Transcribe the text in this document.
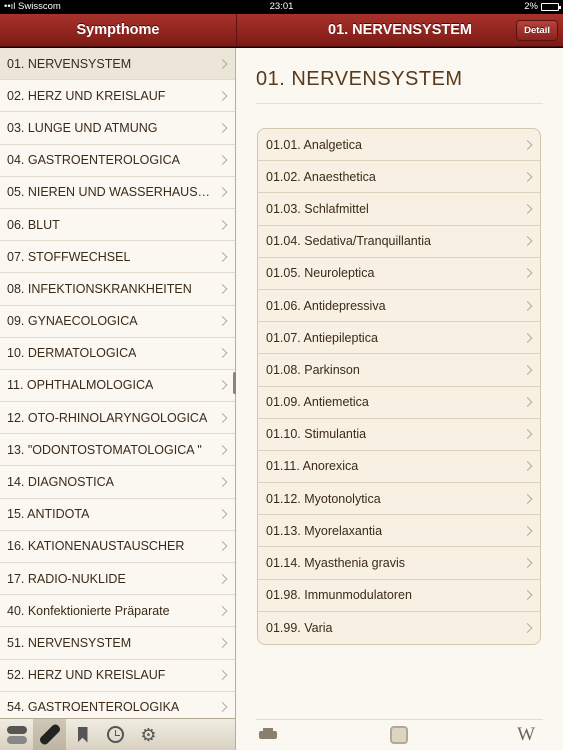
••ıl Swisscom	23:01	2%
Sympthome	01. NERVENSYSTEM	Detail
01. NERVENSYSTEM
02. HERZ UND KREISLAUF
03. LUNGE UND ATMUNG
04. GASTROENTEROLOGICA
05. NIEREN UND WASSERHAUS…
06. BLUT
07. STOFFWECHSEL
08. INFEKTIONSKRANKHEITEN
09. GYNAECOLOGICA
10. DERMATOLOGICA
11. OPHTHALMOLOGICA
12. OTO-RHINOLARYNGOLOGICA
13. "ODONTOSTOMATOLOGICA "
14. DIAGNOSTICA
15. ANTIDOTA
16. KATIONENAUSTAUSCHER
17. RADIO-NUKLIDE
40. Konfektionierte Präparate
51. NERVENSYSTEM
52. HERZ UND KREISLAUF
54. GASTROENTEROLOGIKA
⚙
01. NERVENSYSTEM
01.01. Analgetica
01.02. Anaesthetica
01.03. Schlafmittel
01.04. Sedativa/Tranquillantia
01.05. Neuroleptica
01.06. Antidepressiva
01.07. Antiepileptica
01.08. Parkinson
01.09. Antiemetica
01.10. Stimulantia
01.11. Anorexica
01.12. Myotonolytica
01.13. Myorelaxantia
01.14. Myasthenia gravis
01.98. Immunmodulatoren
01.99. Varia
W
